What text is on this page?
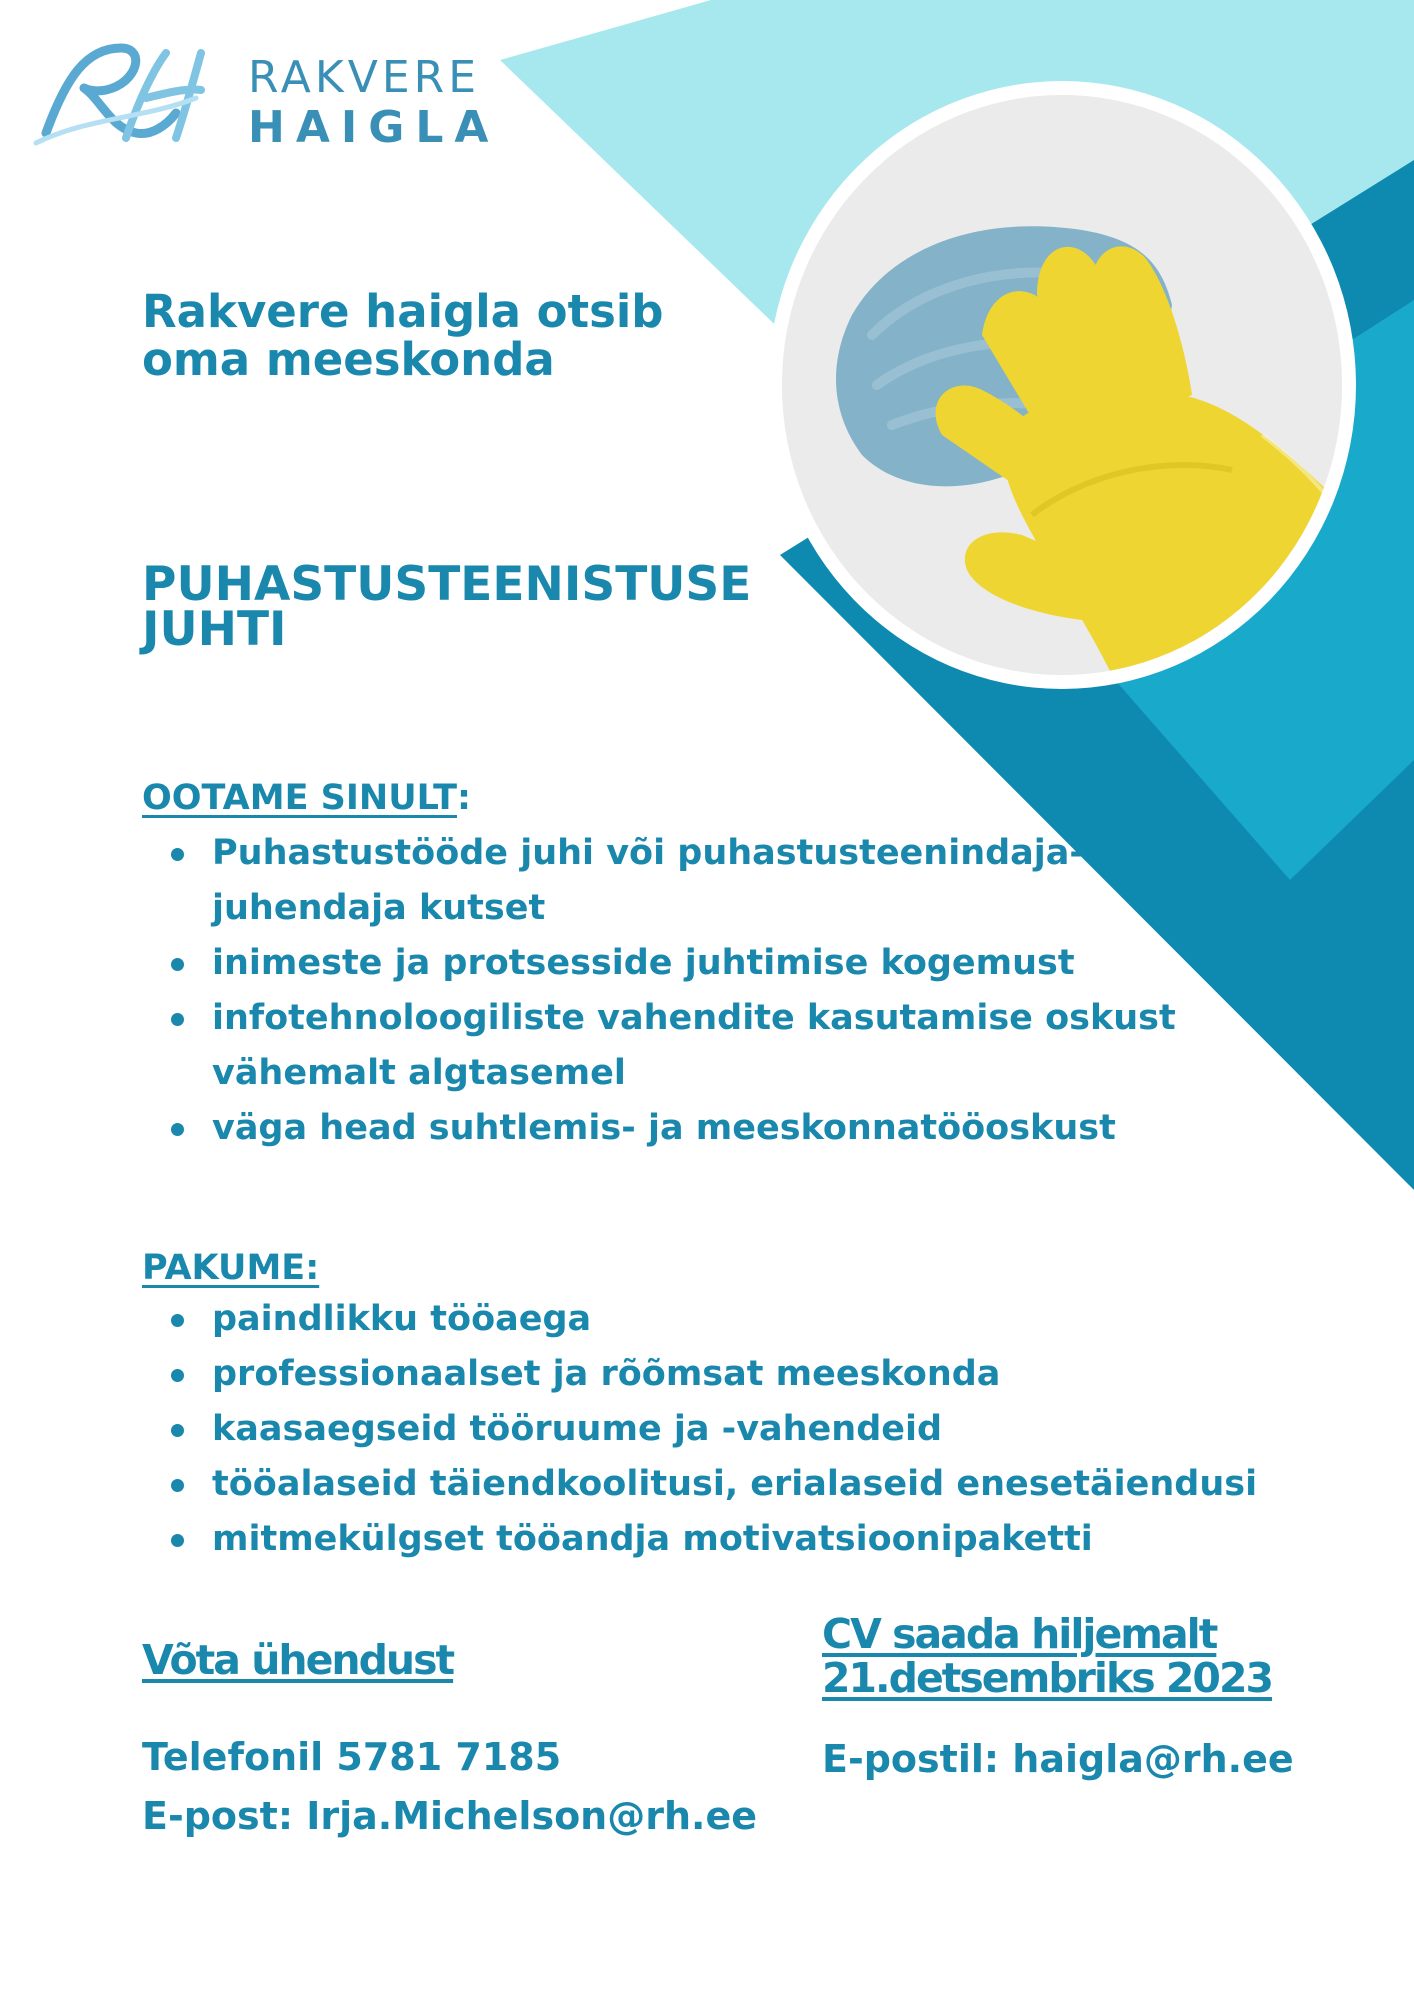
RAKVERE
HAIGLA
Rakvere haigla otsib
oma meeskonda
PUHASTUSTEENISTUSE
JUHTI

OOTAME SINULT:

Puhastustööde juhi või puhastusteenindaja-
juhendaja kutset
inimeste ja protsesside juhtimise kogemust
infotehnoloogiliste vahendite kasutamise oskust
vähemalt algtasemel
väga head suhtlemis- ja meeskonnatööoskust

PAKUME:

paindlikku tööaega
professionaalset ja rõõmsat meeskonda
kaasaegseid tööruume ja -vahendeid
tööalaseid täiendkoolitusi, erialaseid enesetäiendusi
mitmekülgset tööandja motivatsioonipaketti

Võta ühendust

Telefonil 5781 7185

E-post: Irja.Michelson@rh.ee

CV saada hiljemalt
21.detsembriks 2023

E-postil: haigla@rh.ee
